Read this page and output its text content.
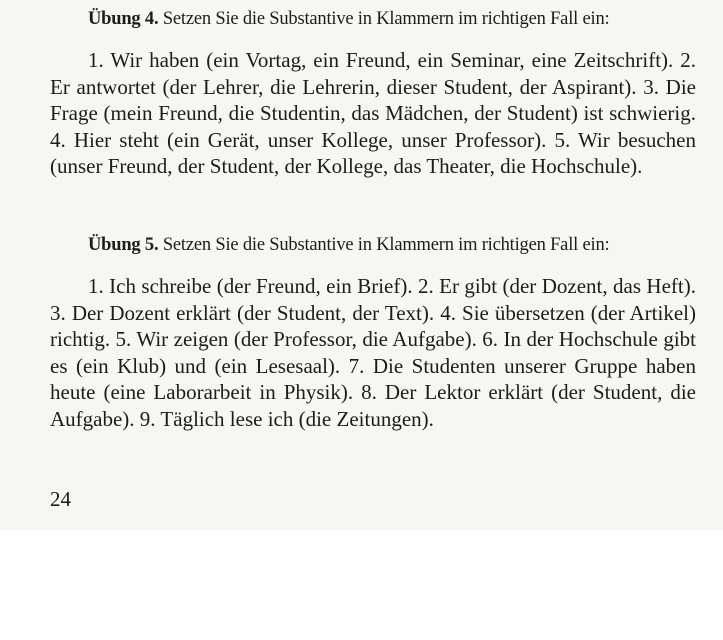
Übung 4. Setzen Sie die Substantive in Klammern im richtigen Fall ein:

1. Wir haben (ein Vortag, ein Freund, ein Seminar, eine Zeitschrift). 2. Er antwortet (der Lehrer, die Lehrerin, dieser Student, der Aspirant). 3. Die Frage (mein Freund, die Studentin, das Mädchen, der Student) ist schwierig. 4. Hier steht (ein Gerät, unser Kollege, unser Professor). 5. Wir besuchen (unser Freund, der Student, der Kollege, das Theater, die Hochschule).

Übung 5. Setzen Sie die Substantive in Klammern im richtigen Fall ein:

1. Ich schreibe (der Freund, ein Brief). 2. Er gibt (der Dozent, das Heft). 3. Der Dozent erklärt (der Student, der Text). 4. Sie übersetzen (der Artikel) richtig. 5. Wir zeigen (der Professor, die Aufgabe). 6. In der Hochschule gibt es (ein Klub) und (ein Lesesaal). 7. Die Studenten unserer Gruppe haben heute (eine Laborarbeit in Physik). 8. Der Lektor erklärt (der Student, die Aufgabe). 9. Täglich lese ich (die Zeitungen).

24
